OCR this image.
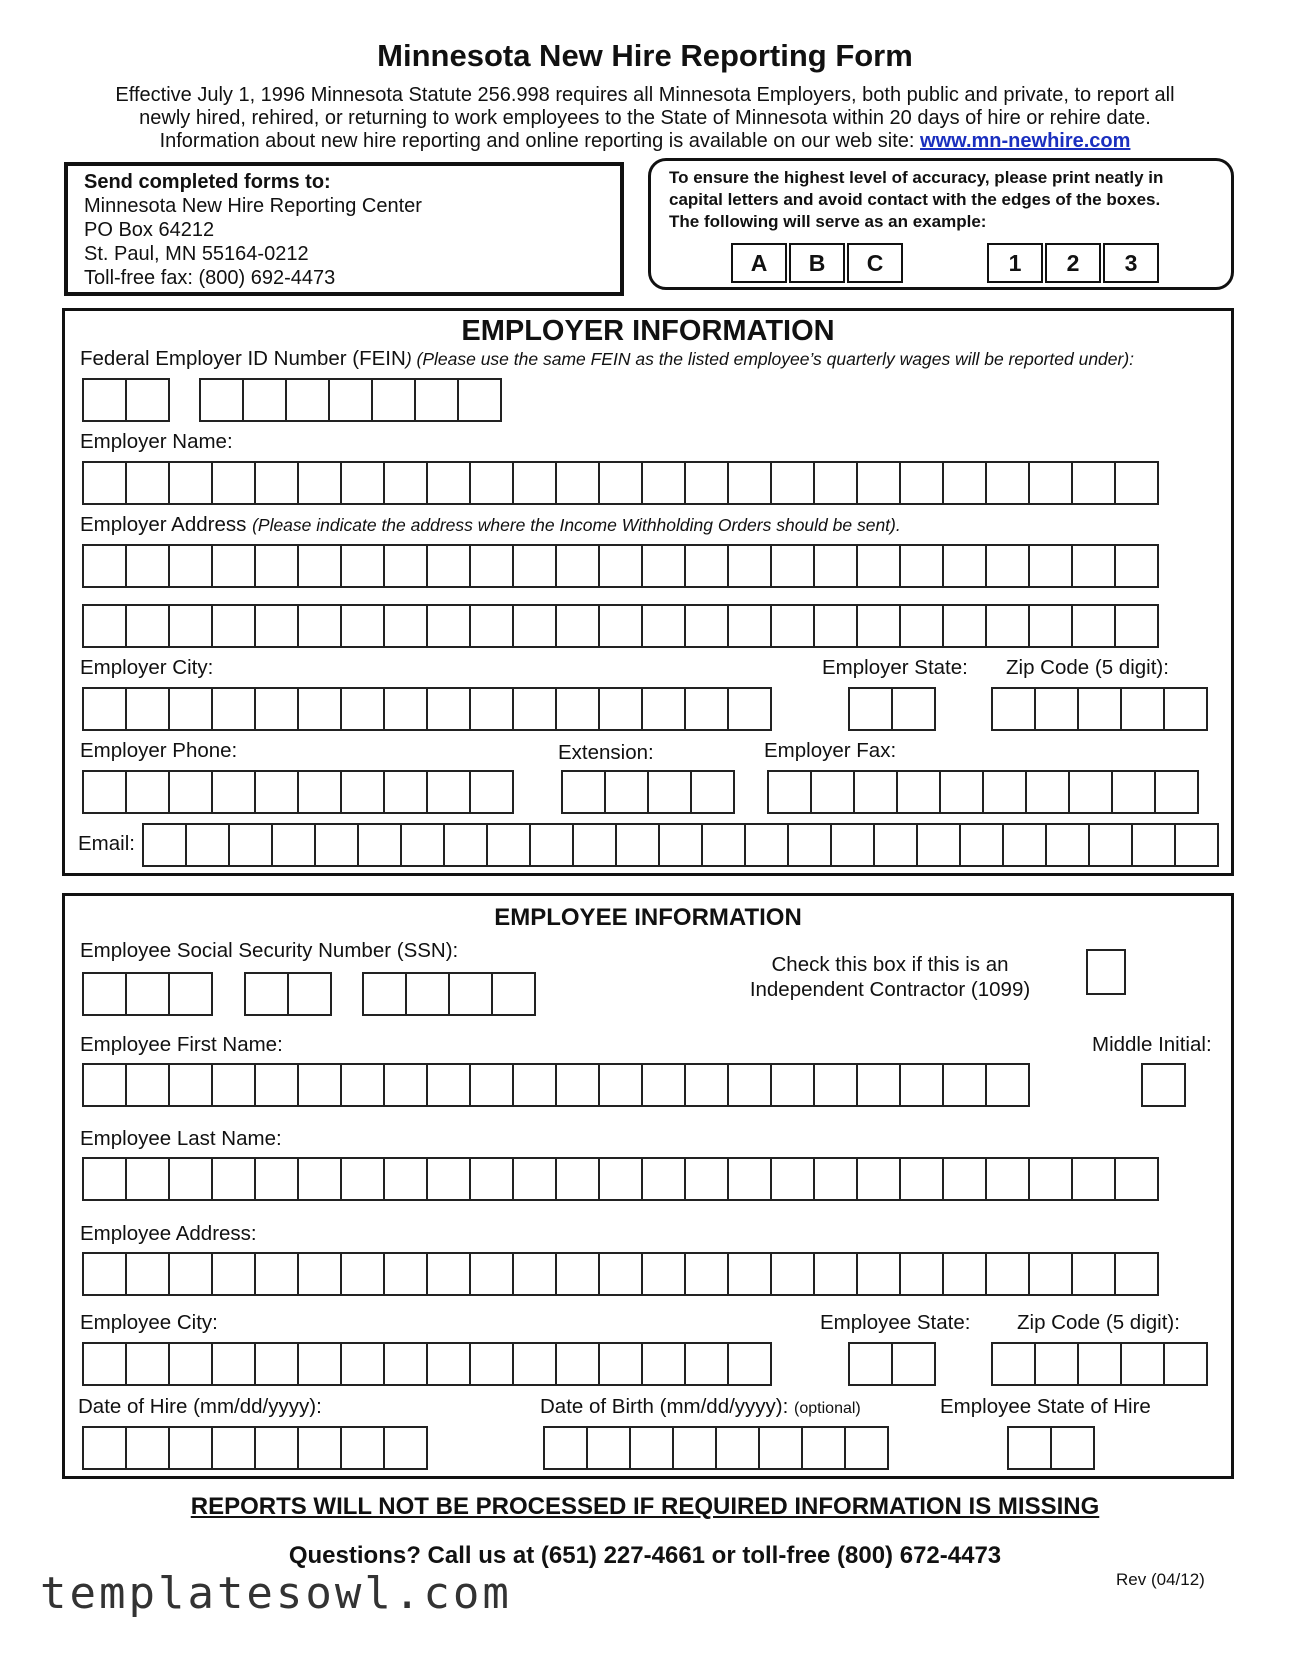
Minnesota New Hire Reporting Form
Effective July 1, 1996 Minnesota Statute 256.998 requires all Minnesota Employers, both public and private, to report all
newly hired, rehired, or returning to work employees to the State of Minnesota within 20 days of hire or rehire date.
Information about new hire reporting and online reporting is available on our web site: www.mn-newhire.com
Send completed forms to:
Minnesota New Hire Reporting Center
PO Box 64212
St. Paul, MN 55164-0212
Toll-free fax: (800) 692-4473
To ensure the highest level of accuracy, please print neatly in
capital letters and avoid contact with the edges of the boxes.
The following will serve as an example:
A	B	C	1	2	3
EMPLOYER INFORMATION
Federal Employer ID Number (FEIN) (Please use the same FEIN as the listed employee’s quarterly wages will be reported under):
Employer Name:
Employer Address (Please indicate the address where the Income Withholding Orders should be sent).
Employer City:	Employer State: Zip Code (5 digit):
Employer Phone:	Extension:	Employer Fax:
Email:
EMPLOYEE INFORMATION
Employee Social Security Number (SSN):
Check this box if this is an
Independent Contractor (1099)
Employee First Name:	Middle Initial:
Employee Last Name:
Employee Address:
Employee City:	Employee State: Zip Code (5 digit):
Date of Hire (mm/dd/yyyy):	Date of Birth (mm/dd/yyyy): (optional)	Employee State of Hire
REPORTS WILL NOT BE PROCESSED IF REQUIRED INFORMATION IS MISSING
Questions? Call us at (651) 227-4661 or toll-free (800) 672-4473
Rev (04/12)
templatesowl.com
